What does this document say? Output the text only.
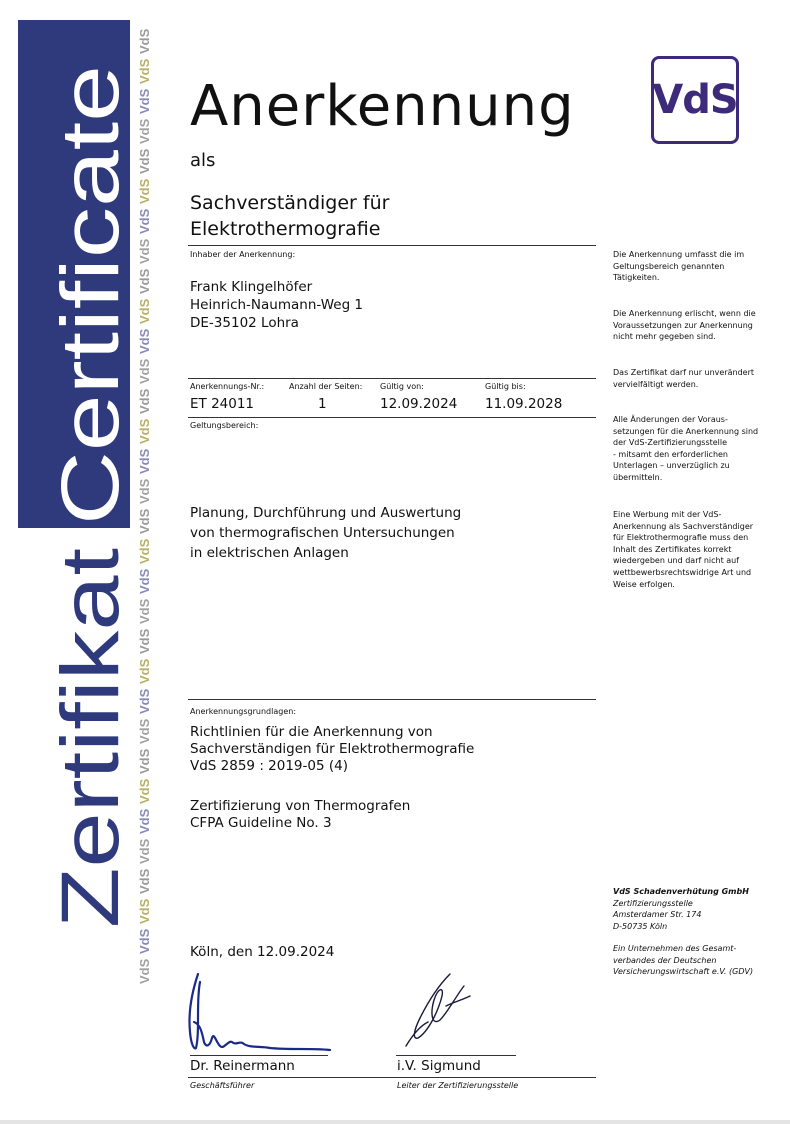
Certificate
Zertifikat
VdS
VdS
VdS
VdS
VdS
VdS
VdS
VdS
VdS
VdS
VdS
VdS
VdS
VdS
VdS
VdS
VdS
VdS
VdS
VdS
VdS
VdS
VdS
VdS
VdS
VdS
VdS
VdS
VdS
VdS
VdS
VdS
VdS
Anerkennung
als
Sachverständiger für
Elektrothermografie
Inhaber der Anerkennung:
Frank Klingelhöfer
Heinrich-Naumann-Weg 1
DE-35102 Lohra
Anerkennungs-Nr.:	Anzahl der Seiten: Gültig von:	Gültig bis:
ET 24011	1	12.09.2024 11.09.2028
Geltungsbereich:
Planung, Durchführung und Auswertung
von thermografischen Untersuchungen
in elektrischen Anlagen
Anerkennungsgrundlagen:
Richtlinien für die Anerkennung von
Sachverständigen für Elektrothermografie
VdS 2859 : 2019-05 (4)
Zertifizierung von Thermografen
CFPA Guideline No. 3

Die Anerkennung umfasst die im

Geltungsbereich genannten

Tätigkeiten.

Die Anerkennung erlischt, wenn die

Voraussetzungen zur Anerkennung

nicht mehr gegeben sind.

Das Zertifikat darf nur unverändert

vervielfältigt werden.

Alle Änderungen der Voraus-

setzungen für die Anerkennung sind

der VdS-Zertifizierungsstelle

- mitsamt den erforderlichen

Unterlagen – unverzüglich zu

übermitteln.

Eine Werbung mit der VdS-

Anerkennung als Sachverständiger

für Elektrothermografie muss den

Inhalt des Zertifikates korrekt

wiedergeben und darf nicht auf

wettbewerbsrechtswidrige Art und

Weise erfolgen.

VdS Schadenverhütung GmbH

Zertifizierungsstelle

Amsterdamer Str. 174

D-50735 Köln

Ein Unternehmen des Gesamt-

verbandes der Deutschen

Versicherungswirtschaft e.V. (GDV)

Köln, den 12.09.2024
Dr. Reinermann	i.V. Sigmund
Geschäftsführer	Leiter der Zertifizierungsstelle
